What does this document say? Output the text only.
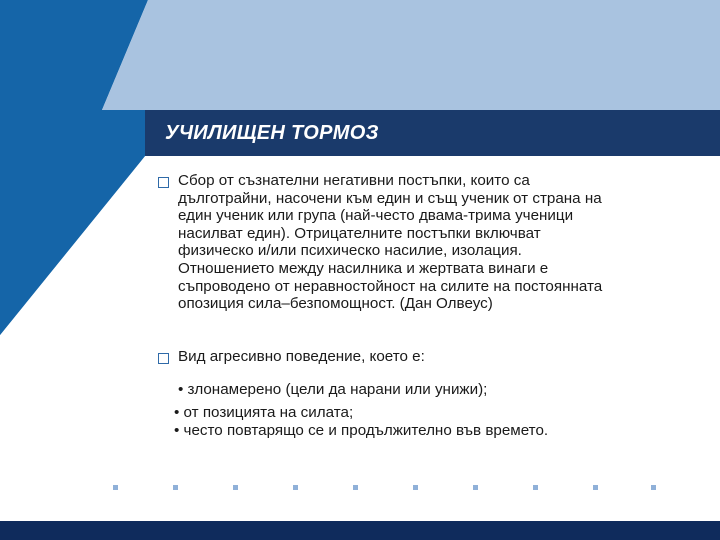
УЧИЛИЩЕН ТОРМОЗ
Сбор от съзнателни негативни постъпки, които са
дълготрайни, насочени към един и същ ученик от страна на
един ученик или група (най-често двама-трима ученици
насилват един). Отрицателните постъпки включват
физическо и/или психическо насилие, изолация.
Отношението между насилника и жертвата винаги е
съпроводено от неравностойност на силите на постоянната
опозиция сила–безпомощност. (Дан Олвеус)
Вид агресивно поведение, което е:
• злонамерено (цели да нарани или унижи);
• от позицията на силата;
• често повтарящо се и продължително във времето.
